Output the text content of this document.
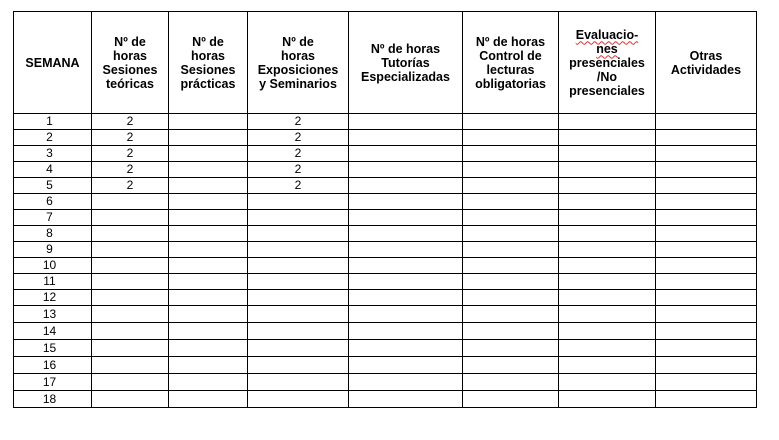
SEMANA	Nº de
horas
Sesiones
teóricas	Nº de
horas
Sesiones
prácticas	Nº de
horas
Exposiciones
y Seminarios	Nº de horas
Tutorías
Especializadas	Nº de horas
Control de
lecturas
obligatorias	Evaluacio-
nes
presenciales
/No
presenciales	Otras
Actividades

1	2		2				
2	2		2				
3	2		2				
4	2		2				
5	2		2				
6							
7							
8							
9							
10							
11							
12							
13							
14							
15							
16							
17							
18							
